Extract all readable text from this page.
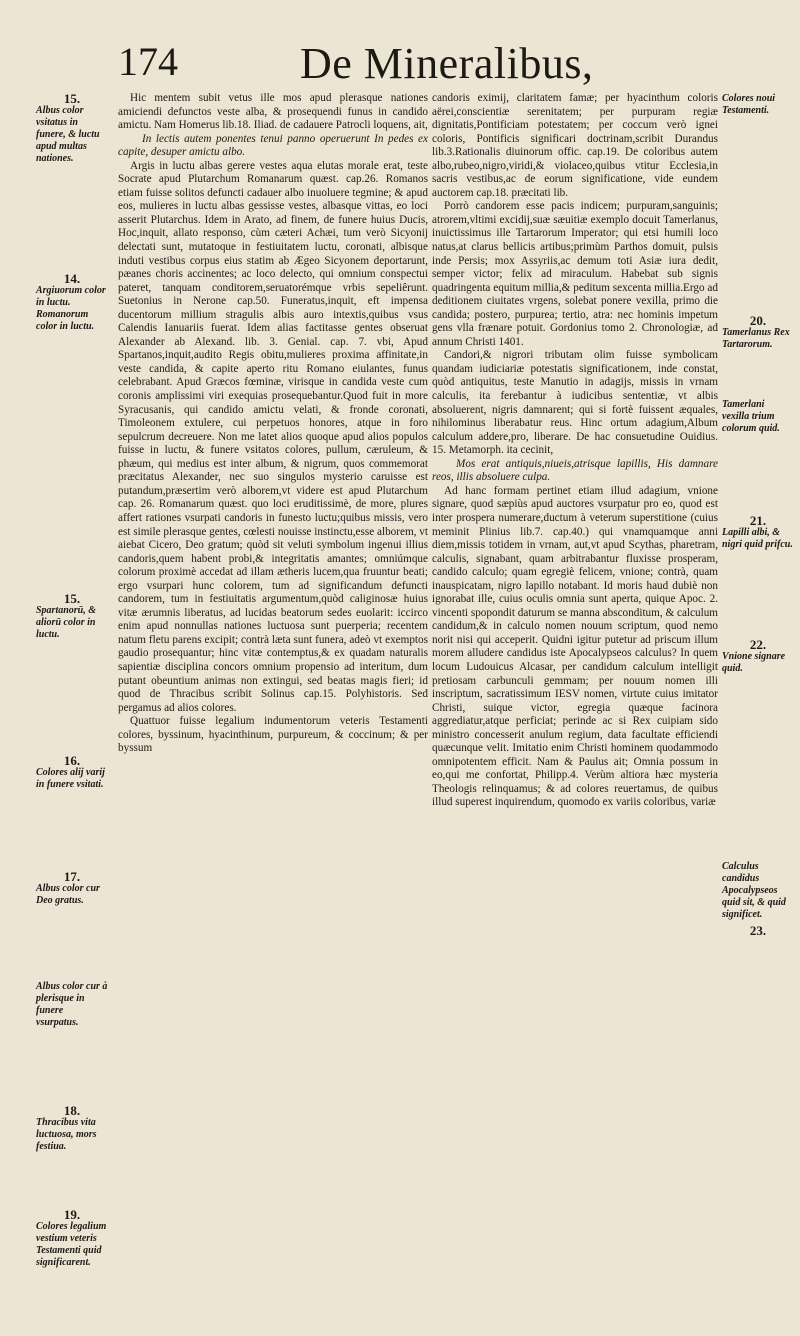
174	De Mineralibus,
15.
Albus color vsitatus in funere, & luctu apud multas nationes.
14.
Argiuorum color in luctu. Romanorum color in luctu.
15.
Spartanorū, & aliorū color in luctu.
16.
Colores alij varij in funere vsitati.
17.
Albus color cur Deo gratus.
Albus color cur à plerisque in funere vsurpatus.
18.
Thracibus vita luctuosa, mors festiua.
19.
Colores legalium vestium veteris Testamenti quid significarent.

Hic mentem subit vetus ille mos apud plerasque nationes amiciendi defunctos veste alba, & prosequendi funus in candido amictu. Nam Homerus lib.18. Iliad. de cadauere Patrocli loquens, ait,

In lectis autem ponentes tenui panno operuerunt In pedes ex capite, desuper amictu albo.

Argis in luctu albas gerere vestes aqua elutas morale erat, teste Socrate apud Plutarchum Romanarum quæst. cap.26. Romanos etiam fuisse solitos defuncti cadauer albo inuoluere tegmine; & apud eos, mulieres in luctu albas gessisse vestes, albasque vittas, eo loci asserit Plutarchus. Idem in Arato, ad finem, de funere huius Ducis, Hoc,inquit, allato responso, cùm cæteri Achæi, tum verò Sicyonij delectati sunt, mutatoque in festiuitatem luctu, coronati, albisque induti vestibus corpus eius statim ab Ægeo Sicyonem deportarunt, pæanes choris accinentes; ac loco delecto, qui omnium conspectui pateret, tanquam conditorem,seruatorémque vrbis sepeliêrunt. Suetonius in Nerone cap.50. Funeratus,inquit, eft impensa ducentorum millium stragulis albis auro intextis,quibus vsus Calendis Ianuariis fuerat. Idem alias factitasse gentes obseruat Alexander ab Alexand. lib. 3. Genial. cap. 7. vbi, Apud Spartanos,inquit,audito Regis obitu,mulieres proxima affinitate,in veste candida, & capite aperto ritu Romano eiulantes, funus celebrabant. Apud Græcos fœminæ, virisque in candida veste cum coronis amplissimi viri exequias prosequebantur.Quod fuit in more Syracusanis, qui candido amictu velati, & fronde coronati, Timoleonem extulere, cui perpetuos honores, atque in foro sepulcrum decreuere. Non me latet alios quoque apud alios populos fuisse in luctu, & funere vsitatos colores, pullum, cæruleum, & phæum, qui medius est inter album, & nigrum, quos commemorat præcitatus Alexander, nec suo singulos mysterio caruisse est putandum,præsertim verò alborem,vt videre est apud Plutarchum cap. 26. Romanarum quæst. quo loci eruditissimè, de more, plures affert rationes vsurpati candoris in funesto luctu;quibus missis, vero est simile plerasque gentes, cœlesti nouisse instinctu,esse alborem, vt aiebat Cicero, Deo gratum; quòd sit veluti symbolum ingenui illius candoris,quem habent probi,& integritatis amantes; omniúmque colorum proximè accedat ad illam ætheris lucem,qua fruuntur beati; ergo vsurpari hunc colorem, tum ad significandum defuncti candorem, tum in festiuitatis argumentum,quòd caliginosæ huius vitæ ærumnis liberatus, ad lucidas beatorum sedes euolarit: iccirco enim apud nonnullas nationes luctuosa sunt puerperia; recentem natum fletu parens excipit; contrà læta sunt funera, adeò vt exemptos gaudio prosequantur; hinc vitæ contemptus,& ex quadam naturalis sapientiæ disciplina concors omnium propensio ad interitum, dum putant obeuntium animas non extingui, sed beatas magis fieri; id quod de Thracibus scribit Solinus cap.15. Polyhistoris. Sed pergamus ad alios colores.

Quattuor fuisse legalium indumentorum veteris Testamenti colores, byssinum, hyacinthinum, purpureum, & coccinum; & per byssum

candoris eximij, claritatem famæ; per hyacinthum coloris aërei,conscientiæ serenitatem; per purpuram regiæ dignitatis,Pontificiam potestatem; per coccum verò ignei coloris, Pontificis significari doctrinam,scribit Durandus lib.3.Rationalis diuinorum offic. cap.19. De coloribus autem albo,rubeo,nigro,viridi,& violaceo,quibus vtitur Ecclesia,in sacris vestibus,ac de eorum significatione, vide eundem auctorem cap.18. præcitati lib.

Porrò candorem esse pacis indicem; purpuram,sanguinis; atrorem,vltimi excidij,suæ sæuitiæ exemplo docuit Tamerlanus, inuictissimus ille Tartarorum Imperator; qui etsi humili loco natus,at clarus bellicis artibus;primùm Parthos domuit, pulsis inde Persis; mox Assyriis,ac demum toti Asiæ iura dedit, semper victor; felix ad miraculum. Habebat sub signis quadringenta equitum millia,& peditum sexcenta millia.Ergo ad deditionem ciuitates vrgens, solebat ponere vexilla, primo die candida; postero, purpurea; tertio, atra: nec hominis impetum gens vlla frænare potuit. Gordonius tomo 2. Chronologiæ, ad annum Christi 1401.

Candori,& nigrori tributam olim fuisse symbolicam quandam iudiciariæ potestatis significationem, inde constat, quòd antiquitus, teste Manutio in adagijs, missis in vrnam calculis, ita ferebantur à iudicibus sententiæ, vt albis absoluerent, nigris damnarent; qui si fortè fuissent æquales, nihilominus liberabatur reus. Hinc ortum adagium,Album calculum addere,pro, liberare. De hac consuetudine Ouidius. 15. Metamorph. ita cecinit,

Mos erat antiquis,niueis,atrisque lapillis, His damnare reos, illis absoluere culpa.

Ad hanc formam pertinet etiam illud adagium, vnione signare, quod sæpiùs apud auctores vsurpatur pro eo, quod est inter prospera numerare,ductum à veterum superstitione (cuius meminit Plinius lib.7. cap.40.) qui vnamquamque anni diem,missis totidem in vrnam, aut,vt apud Scythas, pharetram, calculis, signabant, quam arbitrabantur fluxisse prosperam, candido calculo; quam egregiè felicem, vnione; contrà, quam inauspicatam, nigro lapillo notabant. Id moris haud dubiè non ignorabat ille, cuius oculis omnia sunt aperta, quique Apoc. 2. vincenti spopondit daturum se manna absconditum, & calculum candidum,& in calculo nomen nouum scriptum, quod nemo norit nisi qui acceperit. Quidni igitur putetur ad priscum illum morem alludere candidus iste Apocalypseos calculus? In quem locum Ludouicus Alcasar, per candidum calculum intelligit pretiosam carbunculi gemmam; per nouum nomen illi inscriptum, sacratissimum IESV nomen, virtute cuius imitator Christi, suique victor, egregia quæque facinora aggrediatur,atque perficiat; perinde ac si Rex cuipiam sido ministro concesserit anulum regium, data facultate efficiendi quæcunque velit. Imitatio enim Christi hominem quodammodo omnipotentem efficit. Nam & Paulus ait; Omnia possum in eo,qui me confortat, Philipp.4. Verùm altiora hæc mysteria Theologis relinquamus; & ad colores reuertamus, de quibus illud superest inquirendum, quomodo ex variis coloribus, variæ

Colores noui Testamenti.
20.
Tamerlanus Rex Tartarorum.
Tamerlani vexilla trium colorum quid.
21.
Lapilli albi, & nigri quid prifcu.
22.
Vnione signare quid.
Calculus candidus Apocalypseos quid sit, & quid significet.
23.
